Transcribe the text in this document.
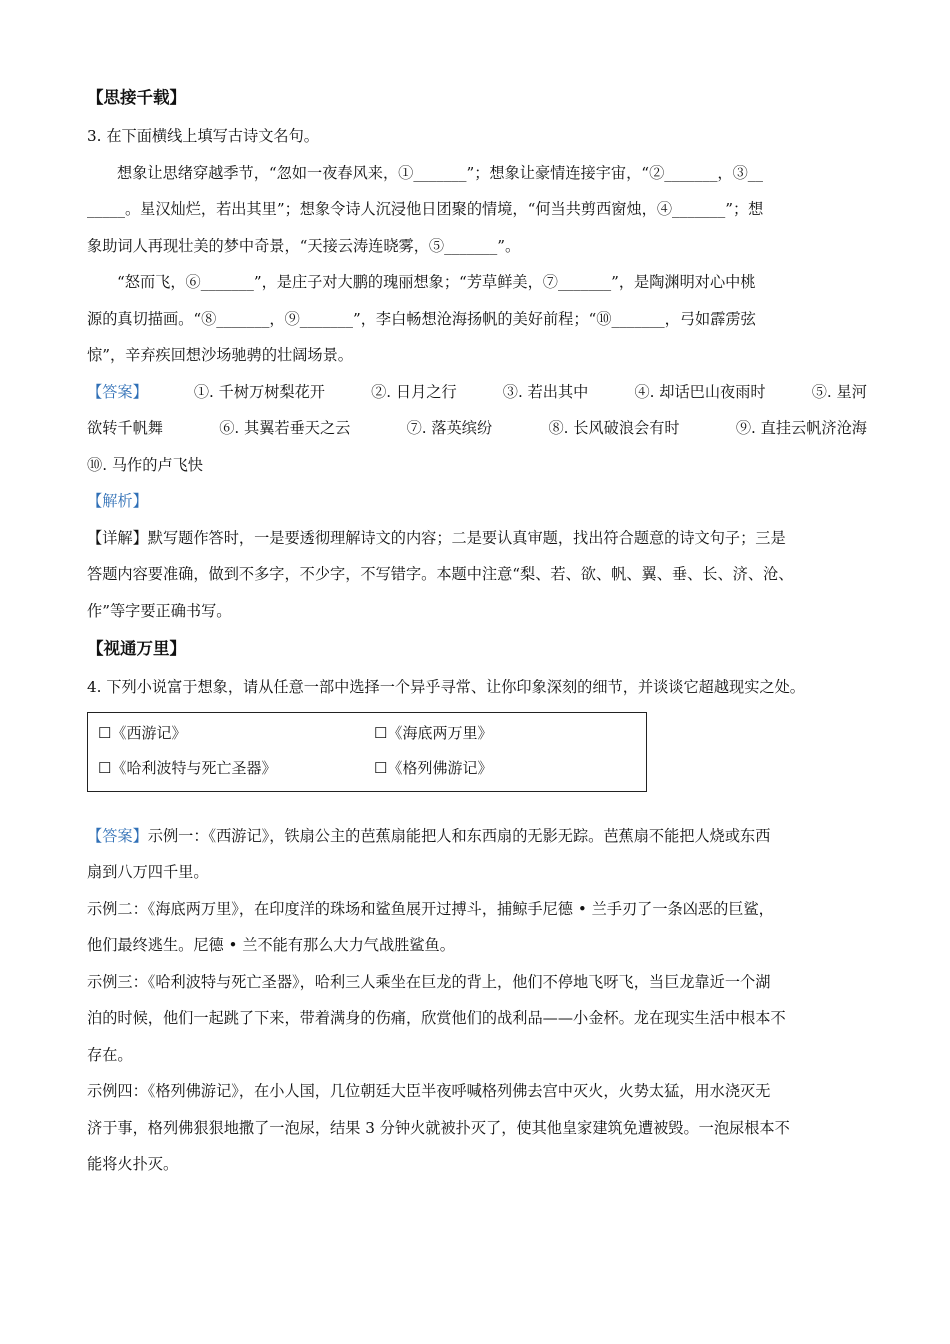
【思接千载】
3. 在下面横线上填写古诗文名句。
想象让思绪穿越季节，“忽如一夜春风来，①_______”；想象让豪情连接宇宙，“②_______，③__
_____。星汉灿烂，若出其里”；想象令诗人沉浸他日团聚的情境，“何当共剪西窗烛，④_______”；想
象助词人再现壮美的梦中奇景，“天接云涛连晓雾，⑤_______”。
“怒而飞，⑥_______”，是庄子对大鹏的瑰丽想象；“芳草鲜美，⑦_______”，是陶渊明对心中桃
源的真切描画。“⑧_______，⑨_______”，李白畅想沧海扬帆的美好前程；“⑩_______，弓如霹雳弦
惊”，辛弃疾回想沙场驰骋的壮阔场景。
【答案】	①. 千树万树梨花开	②. 日月之行	③. 若出其中	④. 却话巴山夜雨时	⑤. 星河
欲转千帆舞	⑥. 其翼若垂天之云	⑦. 落英缤纷	⑧. 长风破浪会有时	⑨. 直挂云帆济沧海
⑩. 马作的卢飞快
【解析】
【详解】默写题作答时，一是要透彻理解诗文的内容；二是要认真审题，找出符合题意的诗文句子；三是
答题内容要准确，做到不多字，不少字，不写错字。本题中注意“梨、若、欲、帆、翼、垂、长、济、沧、
作”等字要正确书写。
【视通万里】
4. 下列小说富于想象，请从任意一部中选择一个异乎寻常、让你印象深刻的细节，并谈谈它超越现实之处。
☐《西游记》	☐《海底两万里》
☐《哈利波特与死亡圣器》	☐《格列佛游记》
【答案】示例一：《西游记》，铁扇公主的芭蕉扇能把人和东西扇的无影无踪。芭蕉扇不能把人烧或东西
扇到八万四千里。
示例二：《海底两万里》，在印度洋的珠场和鲨鱼展开过搏斗，捕鲸手尼德 • 兰手刃了一条凶恶的巨鲨，
他们最终逃生。尼德 • 兰不能有那么大力气战胜鲨鱼。
示例三：《哈利波特与死亡圣器》，哈利三人乘坐在巨龙的背上，他们不停地飞呀飞，当巨龙靠近一个湖
泊的时候，他们一起跳了下来，带着满身的伤痛，欣赏他们的战利品——小金杯。龙在现实生活中根本不
存在。
示例四：《格列佛游记》，在小人国，几位朝廷大臣半夜呼喊格列佛去宫中灭火，火势太猛，用水浇灭无
济于事，格列佛狠狠地撒了一泡尿，结果 3 分钟火就被扑灭了，使其他皇家建筑免遭被毁。一泡尿根本不
能将火扑灭。
